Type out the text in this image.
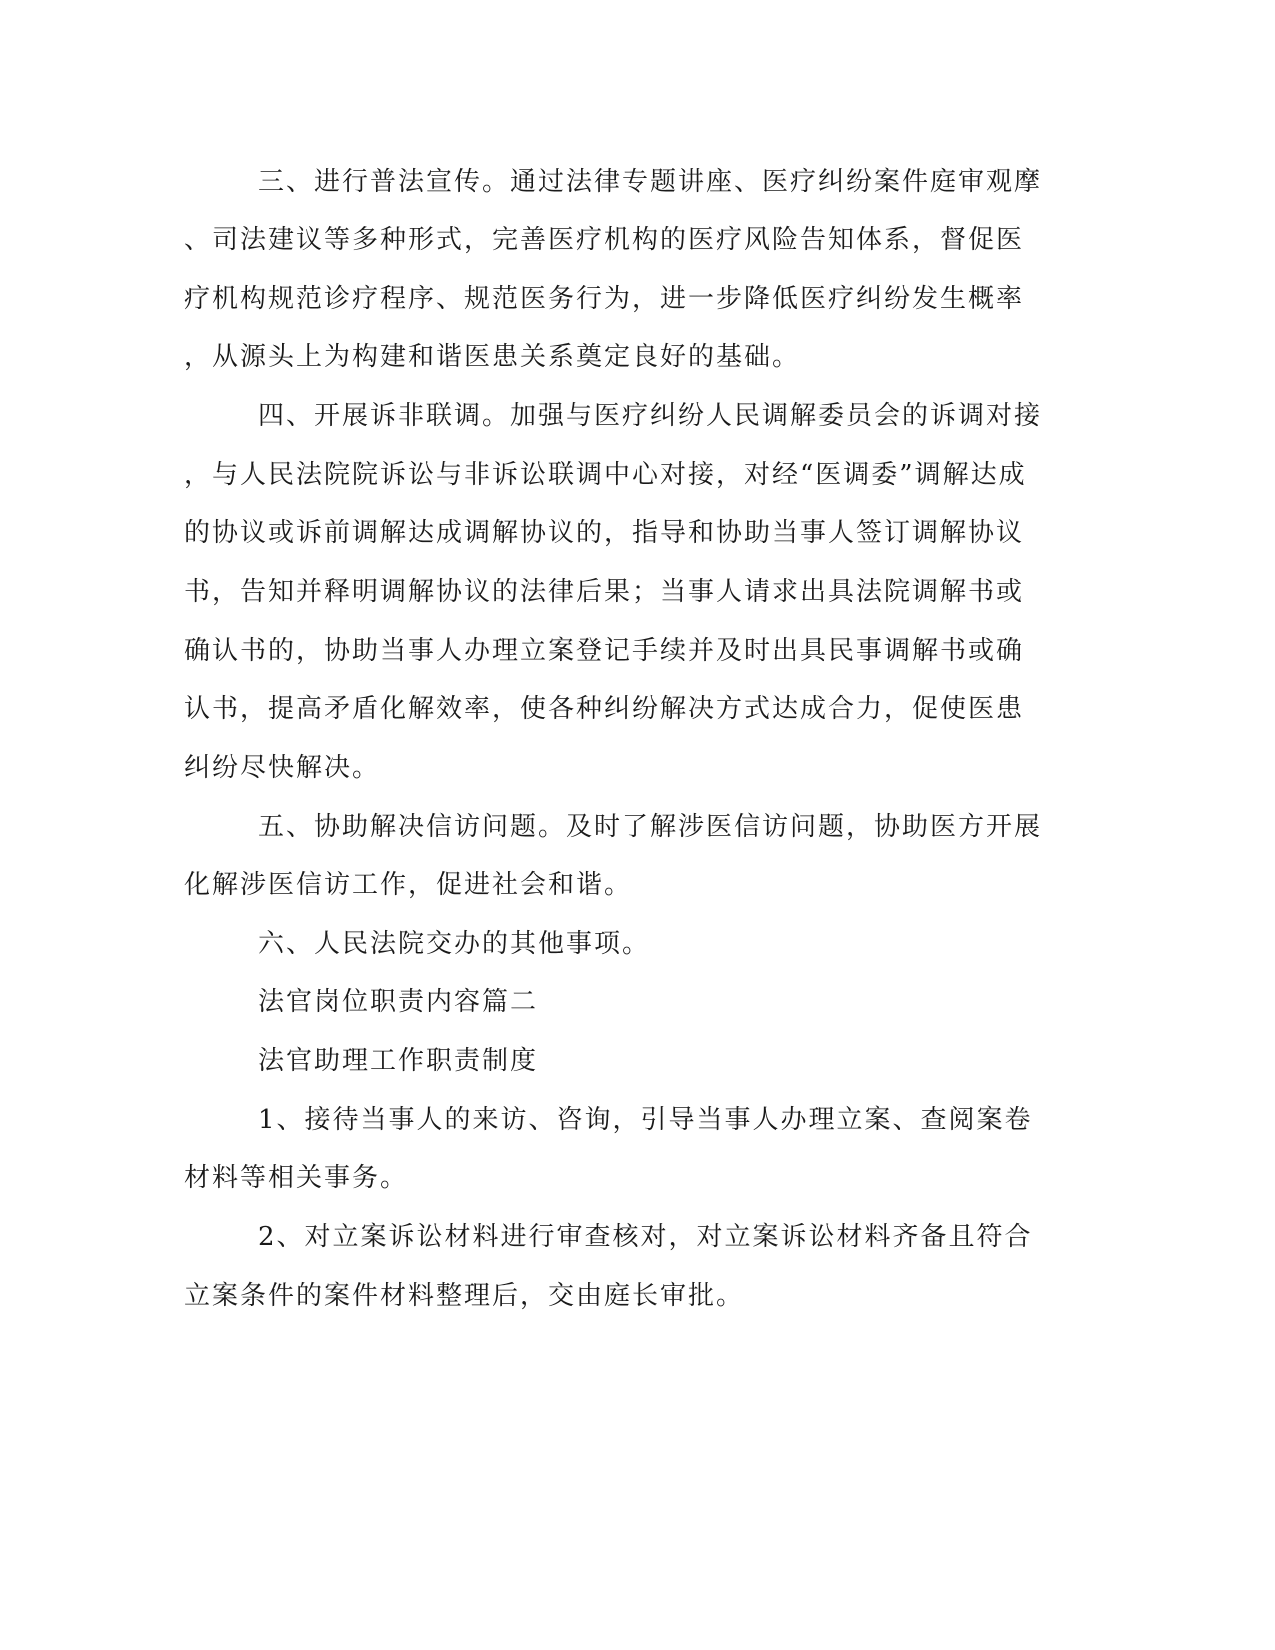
三、进行普法宣传。通过法律专题讲座、医疗纠纷案件庭审观摩
、司法建议等多种形式，完善医疗机构的医疗风险告知体系，督促医
疗机构规范诊疗程序、规范医务行为，进一步降低医疗纠纷发生概率
，从源头上为构建和谐医患关系奠定良好的基础。
四、开展诉非联调。加强与医疗纠纷人民调解委员会的诉调对接
，与人民法院院诉讼与非诉讼联调中心对接，对经“医调委”调解达成
的协议或诉前调解达成调解协议的，指导和协助当事人签订调解协议
书，告知并释明调解协议的法律后果；当事人请求出具法院调解书或
确认书的，协助当事人办理立案登记手续并及时出具民事调解书或确
认书，提高矛盾化解效率，使各种纠纷解决方式达成合力，促使医患
纠纷尽快解决。
五、协助解决信访问题。及时了解涉医信访问题，协助医方开展
化解涉医信访工作，促进社会和谐。
六、人民法院交办的其他事项。
法官岗位职责内容篇二
法官助理工作职责制度
1、接待当事人的来访、咨询，引导当事人办理立案、查阅案卷
材料等相关事务。
2、对立案诉讼材料进行审查核对，对立案诉讼材料齐备且符合
立案条件的案件材料整理后，交由庭长审批。
